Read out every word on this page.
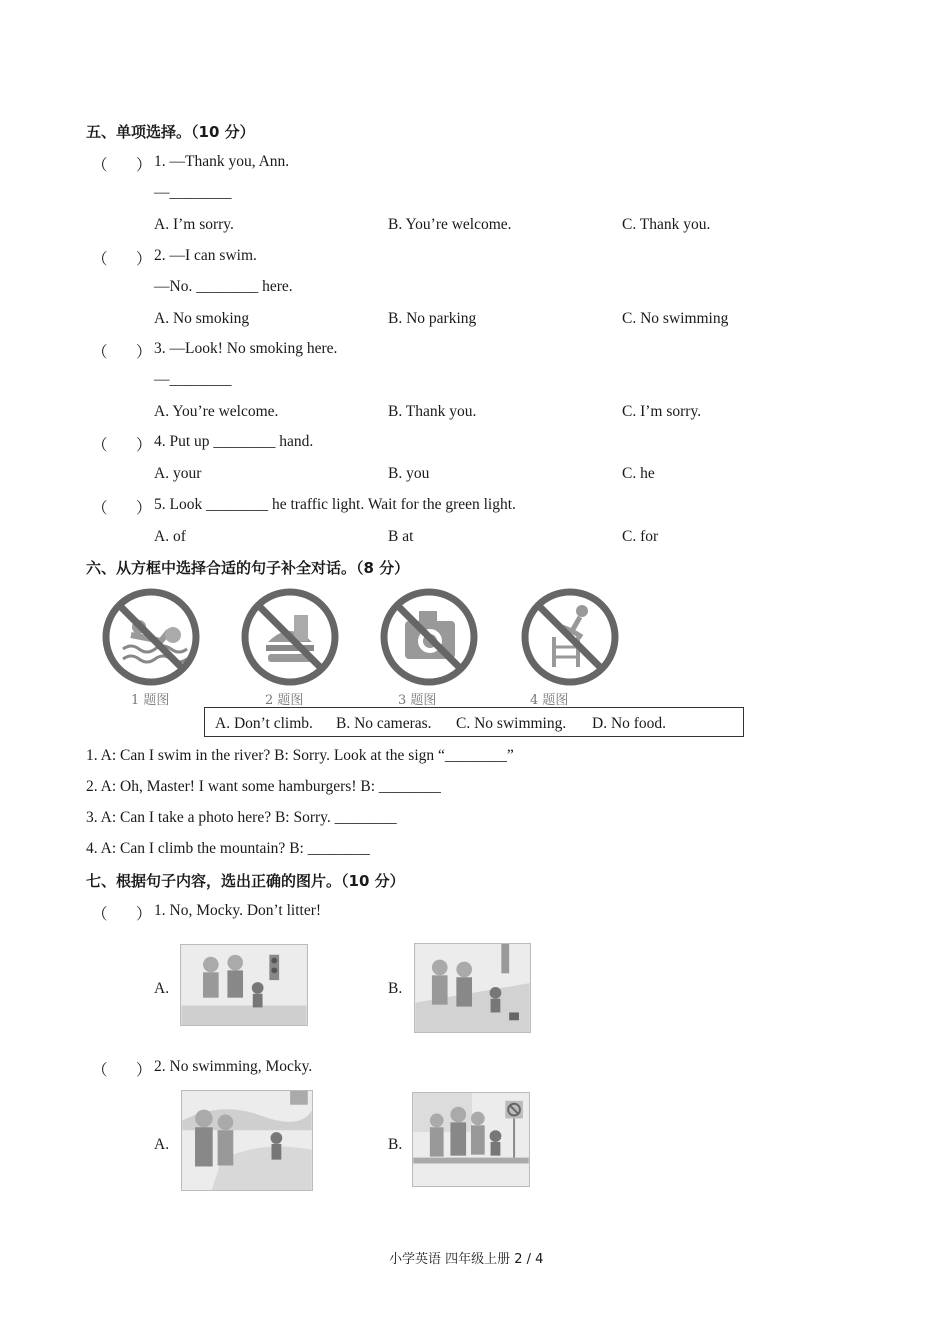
五、单项选择。（10 分）
（ ） 1. —Thank you, Ann.
—________
A. I’m sorry.	B. You’re welcome.	C. Thank you.
（ ） 2. —I can swim.
—No. ________ here.
A. No smoking	B. No parking	C. No swimming
（ ） 3. —Look! No smoking here.
—________
A. You’re welcome.	B. Thank you.	C. I’m sorry.
（ ） 4. Put up ________ hand.
A. your	B. you	C. he
（ ） 5. Look ________ he traffic light. Wait for the green light.
A. of	B at	C. for
六、从方框中选择合适的句子补全对话。（8 分）
1 题图	2 题图	3 题图	4 题图
A. Don’t climb. B. No cameras. C. No swimming. D. No food.
1. A: Can I swim in the river? B: Sorry. Look at the sign “________”
2. A: Oh, Master! I want some hamburgers! B: ________
3. A: Can I take a photo here? B: Sorry. ________
4. A: Can I climb the mountain? B: ________
七、根据句子内容，选出正确的图片。（10 分）
（ ） 1. No, Mocky. Don’t litter!
A.	B.
（ ） 2. No swimming, Mocky.
A.	B.
小学英语 四年级上册 2 / 4
